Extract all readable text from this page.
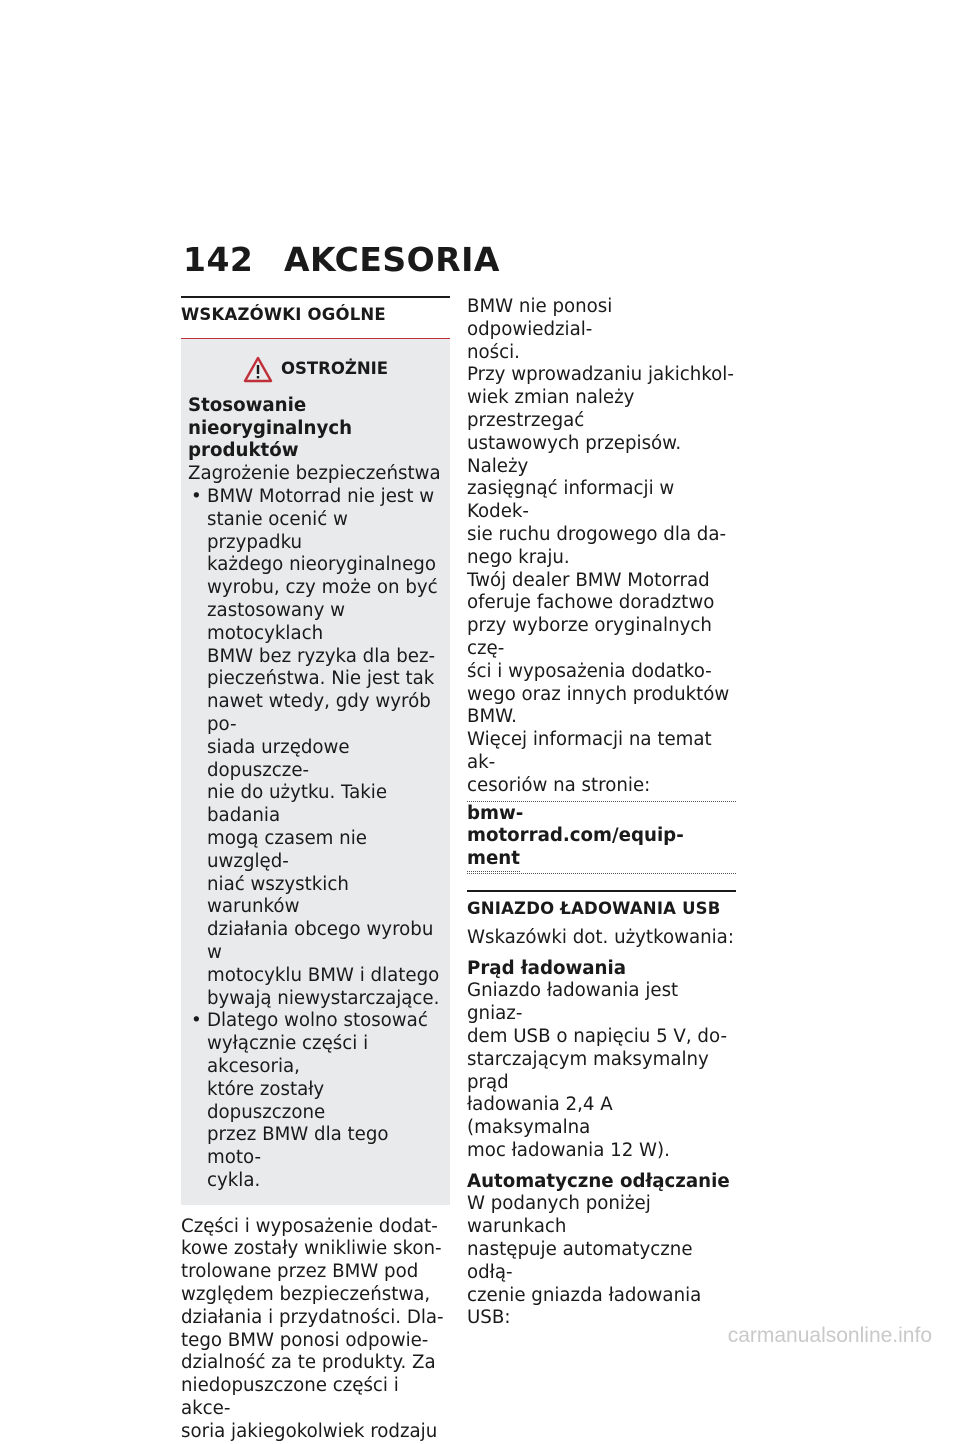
142 AKCESORIA
WSKAZÓWKI OGÓLNE
OSTROŻNIE
Stosowanie nieoryginalnych
produktów
Zagrożenie bezpieczeństwa
• BMW Motorrad nie jest w
stanie ocenić w przypadku
każdego nieoryginalnego
wyrobu, czy może on być
zastosowany w motocyklach
BMW bez ryzyka dla bez-
pieczeństwa. Nie jest tak
nawet wtedy, gdy wyrób po-
siada urzędowe dopuszcze-
nie do użytku. Takie badania
mogą czasem nie uwzględ-
niać wszystkich warunków
działania obcego wyrobu w
motocyklu BMW i dlatego
bywają niewystarczające.
• Dlatego wolno stosować
wyłącznie części i akcesoria,
które zostały dopuszczone
przez BMW dla tego moto-
cykla.
Części i wyposażenie dodat-
kowe zostały wnikliwie skon-
trolowane przez BMW pod
względem bezpieczeństwa,
działania i przydatności. Dla-
tego BMW ponosi odpowie-
dzialność za te produkty. Za
niedopuszczone części i akce-
soria jakiegokolwiek rodzaju
BMW nie ponosi odpowiedzial-
ności.
Przy wprowadzaniu jakichkol-
wiek zmian należy przestrzegać
ustawowych przepisów. Należy
zasięgnąć informacji w Kodek-
sie ruchu drogowego dla da-
nego kraju.
Twój dealer BMW Motorrad
oferuje fachowe doradztwo
przy wyborze oryginalnych czę-
ści i wyposażenia dodatko-
wego oraz innych produktów
BMW.
Więcej informacji na temat ak-
cesoriów na stronie:
bmw-motorrad.com/equip-
ment
GNIAZDO ŁADOWANIA USB
Wskazówki dot. użytkowania:
Prąd ładowania
Gniazdo ładowania jest gniaz-
dem USB o napięciu 5 V, do-
starczającym maksymalny prąd
ładowania 2,4 A (maksymalna
moc ładowania 12 W).
Automatyczne odłączanie
W podanych poniżej warunkach
następuje automatyczne odłą-
czenie gniazda ładowania USB:
carmanualsonline.info
